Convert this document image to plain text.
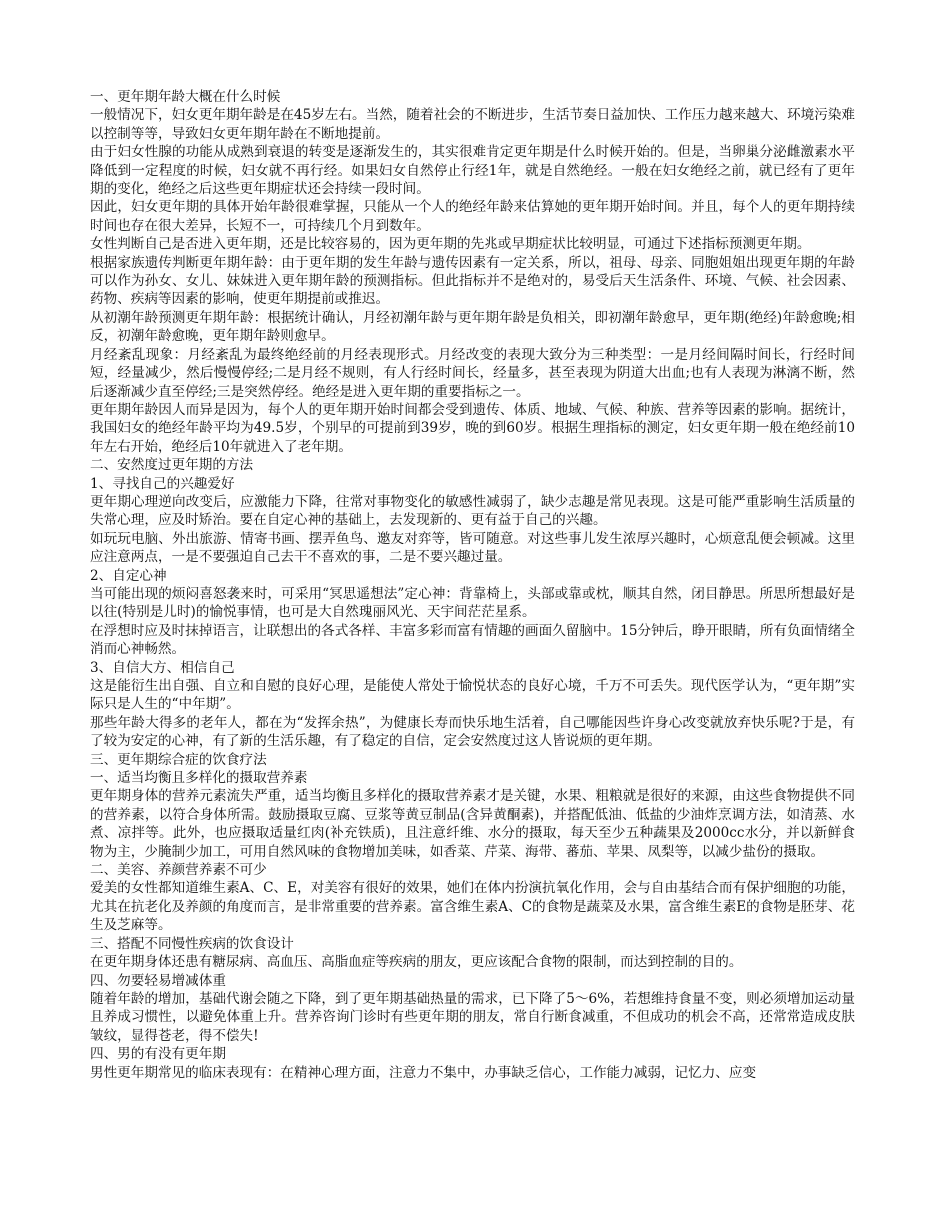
一、更年期年龄大概在什么时候

一般情况下，妇女更年期年龄是在45岁左右。当然，随着社会的不断进步，生活节奏日益加快、工作压力越来越大、环境污染难以控制等等，导致妇女更年期年龄在不断地提前。

由于妇女性腺的功能从成熟到衰退的转变是逐渐发生的，其实很难肯定更年期是什么时候开始的。但是，当卵巢分泌雌激素水平降低到一定程度的时候，妇女就不再行经。如果妇女自然停止行经1年，就是自然绝经。一般在妇女绝经之前，就已经有了更年期的变化，绝经之后这些更年期症状还会持续一段时间。

因此，妇女更年期的具体开始年龄很难掌握，只能从一个人的绝经年龄来估算她的更年期开始时间。并且，每个人的更年期持续时间也存在很大差异，长短不一，可持续几个月到数年。

女性判断自己是否进入更年期，还是比较容易的，因为更年期的先兆或早期症状比较明显，可通过下述指标预测更年期。

根据家族遗传判断更年期年龄：由于更年期的发生年龄与遗传因素有一定关系，所以，祖母、母亲、同胞姐姐出现更年期的年龄可以作为孙女、女儿、妹妹进入更年期年龄的预测指标。但此指标并不是绝对的，易受后天生活条件、环境、气候、社会因素、药物、疾病等因素的影响，使更年期提前或推迟。

从初潮年龄预测更年期年龄：根据统计确认，月经初潮年龄与更年期年龄是负相关，即初潮年龄愈早，更年期(绝经)年龄愈晚;相反，初潮年龄愈晚，更年期年龄则愈早。

月经紊乱现象：月经紊乱为最终绝经前的月经表现形式。月经改变的表现大致分为三种类型：一是月经间隔时间长，行经时间短，经量减少，然后慢慢停经;二是月经不规则，有人行经时间长，经量多，甚至表现为阴道大出血;也有人表现为淋漓不断，然后逐渐减少直至停经;三是突然停经。绝经是进入更年期的重要指标之一。

更年期年龄因人而异是因为，每个人的更年期开始时间都会受到遗传、体质、地域、气候、种族、营养等因素的影响。据统计，我国妇女的绝经年龄平均为49.5岁，个别早的可提前到39岁，晚的到60岁。根据生理指标的测定，妇女更年期一般在绝经前10年左右开始，绝经后10年就进入了老年期。

二、安然度过更年期的方法

1、寻找自己的兴趣爱好

更年期心理逆向改变后，应激能力下降，往常对事物变化的敏感性减弱了，缺少志趣是常见表现。这是可能严重影响生活质量的失常心理，应及时矫治。要在自定心神的基础上，去发现新的、更有益于自己的兴趣。

如玩玩电脑、外出旅游、情寄书画、摆弄鱼鸟、邀友对弈等，皆可随意。对这些事儿发生浓厚兴趣时，心烦意乱便会顿减。这里应注意两点，一是不要强迫自己去干不喜欢的事，二是不要兴趣过量。

2、自定心神

当可能出现的烦闷喜怒袭来时，可采用“冥思遥想法”定心神：背靠椅上，头部或靠或枕，顺其自然，闭目静思。所思所想最好是以往(特别是儿时)的愉悦事情，也可是大自然瑰丽风光、天宇间茫茫星系。

在浮想时应及时抹掉语言，让联想出的各式各样、丰富多彩而富有情趣的画面久留脑中。15分钟后，睁开眼睛，所有负面情绪全消而心神畅然。

3、自信大方、相信自己

这是能衍生出自强、自立和自慰的良好心理，是能使人常处于愉悦状态的良好心境，千万不可丢失。现代医学认为，“更年期”实际只是人生的“中年期”。

那些年龄大得多的老年人，都在为“发挥余热”，为健康长寿而快乐地生活着，自己哪能因些许身心改变就放弃快乐呢?于是，有了较为安定的心神，有了新的生活乐趣，有了稳定的自信，定会安然度过这人皆说烦的更年期。

三、更年期综合症的饮食疗法

一、适当均衡且多样化的摄取营养素

更年期身体的营养元素流失严重，适当均衡且多样化的摄取营养素才是关键，水果、粗粮就是很好的来源，由这些食物提供不同的营养素，以符合身体所需。鼓励摄取豆腐、豆浆等黄豆制品(含异黄酮素)，并搭配低油、低盐的少油炸烹调方法，如清蒸、水煮、凉拌等。此外，也应摄取适量红肉(补充铁质)，且注意纤维、水分的摄取，每天至少五种蔬果及2000cc水分，并以新鲜食物为主，少腌制少加工，可用自然风味的食物增加美味，如香菜、芹菜、海带、蕃茄、苹果、凤梨等，以减少盐份的摄取。

二、美容、养颜营养素不可少

爱美的女性都知道维生素A、C、E，对美容有很好的效果，她们在体内扮演抗氧化作用，会与自由基结合而有保护细胞的功能，尤其在抗老化及养颜的角度而言，是非常重要的营养素。富含维生素A、C的食物是蔬菜及水果，富含维生素E的食物是胚芽、花生及芝麻等。

三、搭配不同慢性疾病的饮食设计

在更年期身体还患有糖尿病、高血压、高脂血症等疾病的朋友，更应该配合食物的限制，而达到控制的目的。

四、勿要轻易增减体重

随着年龄的增加，基础代谢会随之下降，到了更年期基础热量的需求，已下降了5～6%，若想维持食量不变，则必须增加运动量且养成习惯性，以避免体重上升。营养咨询门诊时有些更年期的朋友，常自行断食减重，不但成功的机会不高，还常常造成皮肤皱纹，显得苍老，得不偿失!

四、男的有没有更年期

男性更年期常见的临床表现有：在精神心理方面，注意力不集中，办事缺乏信心，工作能力减弱，记忆力、应变
